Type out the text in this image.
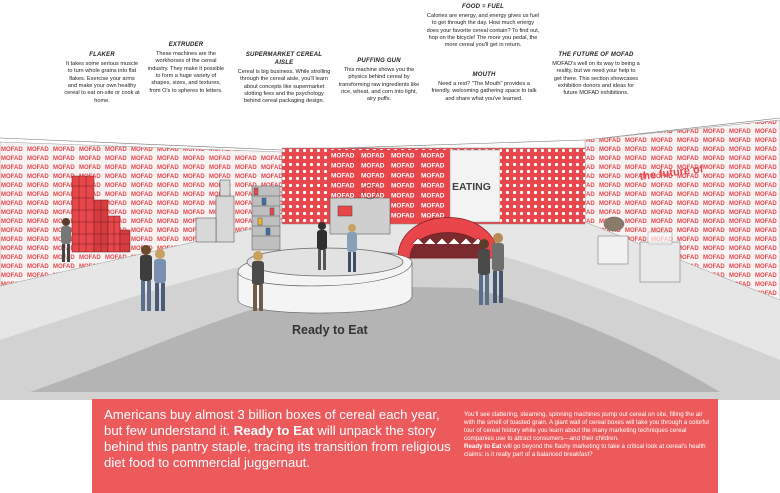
FLAKER
It takes some serious muscle to turn whole grains into flat flakes. Exercise your arms and make your own healthy cereal to eat on-site or cook at home.
EXTRUDER
These machines are the workhorses of the cereal industry. They make it possible to form a huge variety of shapes, sizes, and textures, from O's to spheres to letters.
SUPERMARKET CEREAL AISLE
Cereal is big business. While strolling through the cereal aisle, you'll learn about concepts like supermarket slotting fees and the psychology behind cereal packaging design.
PUFFING GUN
This machine shows you the physics behind cereal by transforming raw ingredients like rice, wheat, and corn into light, airy puffs.
FOOD = FUEL
Calories are energy, and energy gives us fuel to get through the day. How much energy does your favorite cereal contain? To find out, hop on the bicycle! The more you pedal, the more cereal you'll get in return.
MOUTH
Need a rest? "The Mouth" provides a friendly, welcoming gathering space to talk and share what you've learned.
THE FUTURE OF MOFAD
MOFAD's well on its way to being a reality, but we need your help to get there. This section showcases exhibition donors and ideas for future MOFAD exhibitions.
EATING
the future of
Ready to Eat
Americans buy almost 3 billion boxes of cereal each year, but few understand it. Ready to Eat will unpack the story behind this pantry staple, tracing its transition from religious diet food to commercial juggernaut.
You'll see clattering, steaming, spinning machines pump out cereal on site, filling the air with the smell of toasted grain. A giant wall of cereal boxes will take you through a colorful tour of cereal history while you learn about the many marketing techniques cereal companies use to attract consumers—and their children.
Ready to Eat will go beyond the flashy marketing to take a critical look at cereal's health claims: is it really part of a balanced breakfast?
